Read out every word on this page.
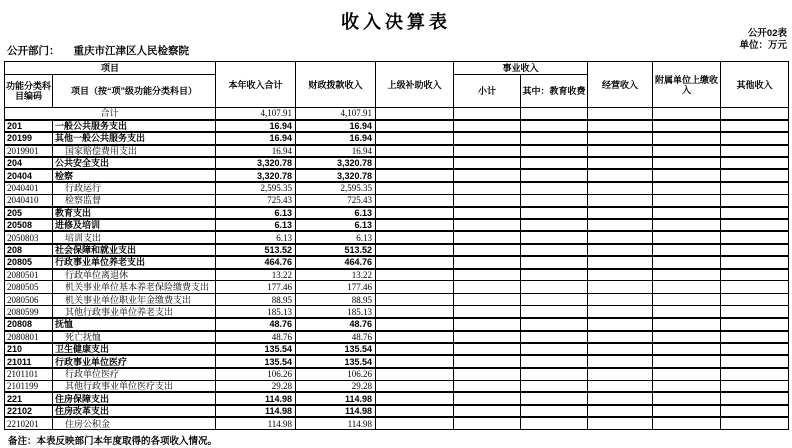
收入决算表
公开02表
单位：万元
公开部门： 重庆市江津区人民检察院
项目		本年收入合计	财政拨款收入	上级补助收入	事业收入		经营收入	附属单位上缴收入	其他收入
功能分类科目编码	项目（按“项”级功能分类科目）				小计	其中：教育收费			
合计		4,107.91	4,107.91						
201	一般公共服务支出	16.94	16.94						
20199	其他一般公共服务支出	16.94	16.94						
2019901	国家赔偿费用支出	16.94	16.94						
204	公共安全支出	3,320.78	3,320.78						
20404	检察	3,320.78	3,320.78						
2040401	行政运行	2,595.35	2,595.35						
2040410	检察监督	725.43	725.43						
205	教育支出	6.13	6.13						
20508	进修及培训	6.13	6.13						
2050803	培训支出	6.13	6.13						
208	社会保障和就业支出	513.52	513.52						
20805	行政事业单位养老支出	464.76	464.76						
2080501	行政单位离退休	13.22	13.22						
2080505	机关事业单位基本养老保险缴费支出	177.46	177.46						
2080506	机关事业单位职业年金缴费支出	88.95	88.95						
2080599	其他行政事业单位养老支出	185.13	185.13						
20808	抚恤	48.76	48.76						
2080801	死亡抚恤	48.76	48.76						
210	卫生健康支出	135.54	135.54						
21011	行政事业单位医疗	135.54	135.54						
2101101	行政单位医疗	106.26	106.26						
2101199	其他行政事业单位医疗支出	29.28	29.28						
221	住房保障支出	114.98	114.98						
22102	住房改革支出	114.98	114.98						
2210201	住房公积金	114.98	114.98						
备注：本表反映部门本年度取得的各项收入情况。
